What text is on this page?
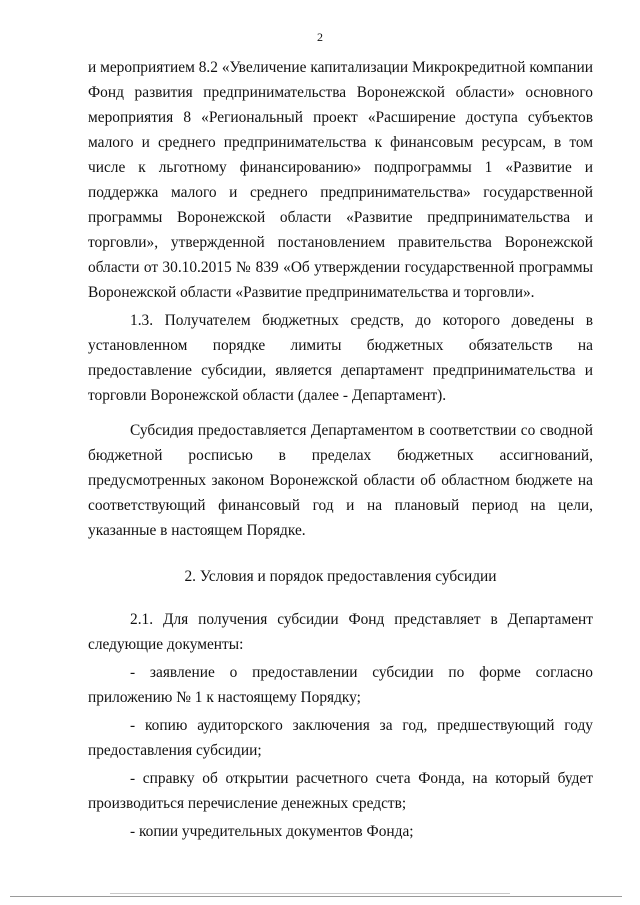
2

и мероприятием 8.2 «Увеличение капитализации Микрокредитной компании Фонд развития предпринимательства Воронежской области» основного мероприятия 8 «Региональный проект «Расширение доступа субъектов малого и среднего предпринимательства к финансовым ресурсам, в том числе к льготному финансированию» подпрограммы 1 «Развитие и поддержка малого и среднего предпринимательства» государственной программы Воронежской области «Развитие предпринимательства и торговли», утвержденной постановлением правительства Воронежской области от 30.10.2015 № 839 «Об утверждении государственной программы Воронежской области «Развитие предпринимательства и торговли».

1.3. Получателем бюджетных средств, до которого доведены в установленном порядке лимиты бюджетных обязательств на предоставление субсидии, является департамент предпринимательства и торговли Воронежской области (далее - Департамент).

Субсидия предоставляется Департаментом в соответствии со сводной бюджетной росписью в пределах бюджетных ассигнований, предусмотренных законом Воронежской области об областном бюджете на соответствующий финансовый год и на плановый период на цели, указанные в настоящем Порядке.

2. Условия и порядок предоставления субсидии

2.1. Для получения субсидии Фонд представляет в Департамент следующие документы:

- заявление о предоставлении субсидии по форме согласно приложению № 1 к настоящему Порядку;

- копию аудиторского заключения за год, предшествующий году предоставления субсидии;

- справку об открытии расчетного счета Фонда, на который будет производиться перечисление денежных средств;

- копии учредительных документов Фонда;
